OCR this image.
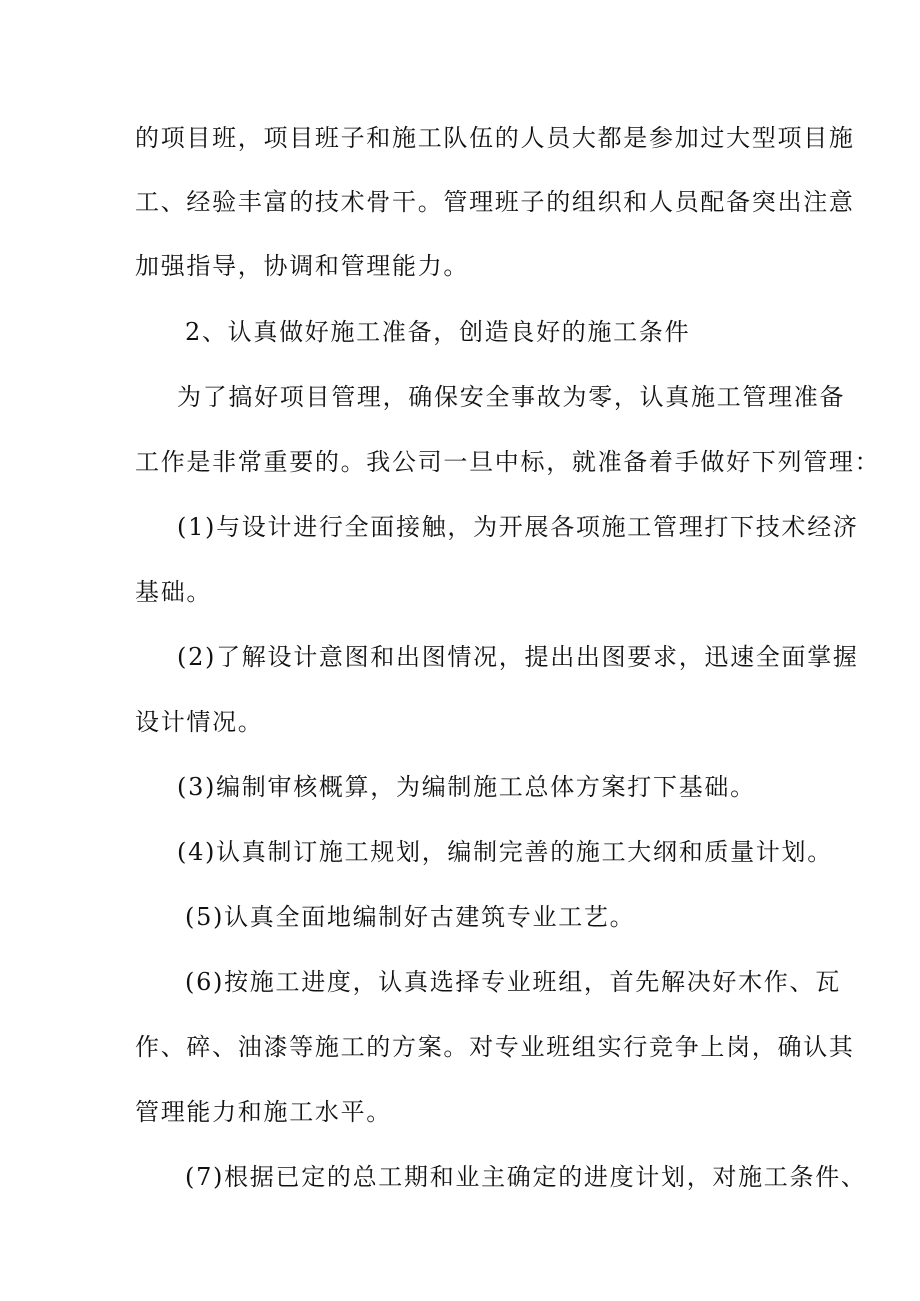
的项目班，项目班子和施工队伍的人员大都是参加过大型项目施
工、经验丰富的技术骨干。管理班子的组织和人员配备突出注意
加强指导，协调和管理能力。
2、认真做好施工准备，创造良好的施工条件
为了搞好项目管理，确保安全事故为零，认真施工管理准备
工作是非常重要的。我公司一旦中标，就准备着手做好下列管理：
(1)与设计进行全面接触，为开展各项施工管理打下技术经济
基础。
(2)了解设计意图和出图情况，提出出图要求，迅速全面掌握
设计情况。
(3)编制审核概算，为编制施工总体方案打下基础。
(4)认真制订施工规划，编制完善的施工大纲和质量计划。
(5)认真全面地编制好古建筑专业工艺。
(6)按施工进度，认真选择专业班组，首先解决好木作、瓦
作、碎、油漆等施工的方案。对专业班组实行竞争上岗，确认其
管理能力和施工水平。
(7)根据已定的总工期和业主确定的进度计划，对施工条件、
